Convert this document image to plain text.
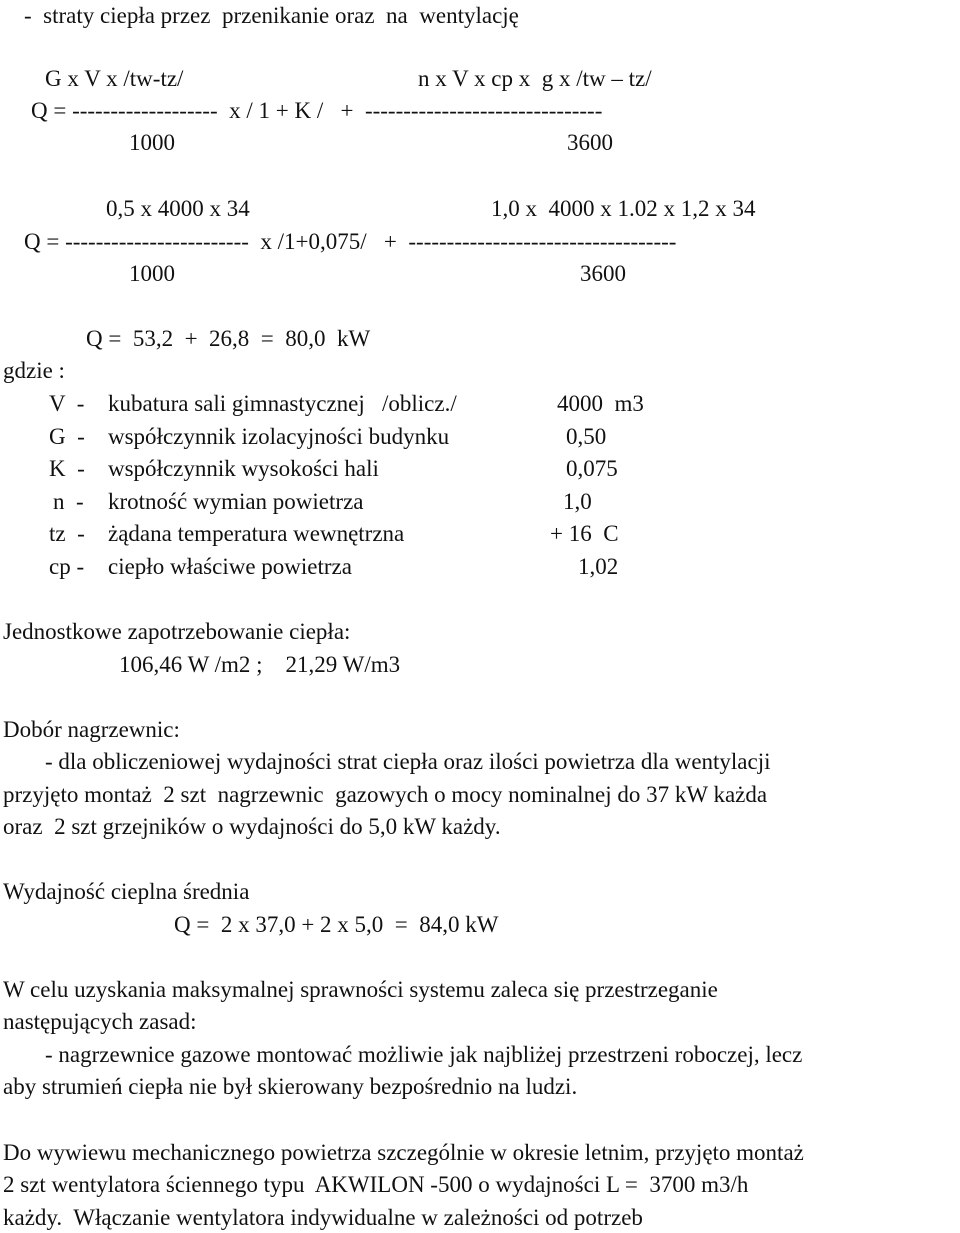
-  straty ciepła przez  przenikanie oraz  na  wentylację
G x V x /tw-tz/	n x V x cp x  g x /tw – tz/
Q = -------------------  x / 1 + K /   +  -------------------------------
1000	3600
0,5 x 4000 x 34	1,0 x  4000 x 1.02 x 1,2 x 34
Q = ------------------------  x /1+0,075/   +  -----------------------------------
1000	3600
Q =  53,2  +  26,8  =  80,0  kW
gdzie :
V  - kubatura sali gimnastycznej   /oblicz./	4000  m3
G  - współczynnik izolacyjności budynku	0,50
K  - współczynnik wysokości hali	0,075
n  - krotność wymian powietrza	1,0
tz  - żądana temperatura wewnętrzna	+ 16  C
cp - ciepło właściwe powietrza	1,02
Jednostkowe zapotrzebowanie ciepła:
106,46 W /m2 ;    21,29 W/m3
Dobór nagrzewnic:
- dla obliczeniowej wydajności strat ciepła oraz ilości powietrza dla wentylacji
przyjęto montaż  2 szt  nagrzewnic  gazowych o mocy nominalnej do 37 kW każda
oraz  2 szt grzejników o wydajności do 5,0 kW każdy.
Wydajność cieplna średnia
Q =  2 x 37,0 + 2 x 5,0  =  84,0 kW
W celu uzyskania maksymalnej sprawności systemu zaleca się przestrzeganie
następujących zasad:
- nagrzewnice gazowe montować możliwie jak najbliżej przestrzeni roboczej, lecz
aby strumień ciepła nie był skierowany bezpośrednio na ludzi.
Do wywiewu mechanicznego powietrza szczególnie w okresie letnim, przyjęto montaż
2 szt wentylatora ściennego typu  AKWILON -500 o wydajności L =  3700 m3/h
każdy.  Włączanie wentylatora indywidualne w zależności od potrzeb
